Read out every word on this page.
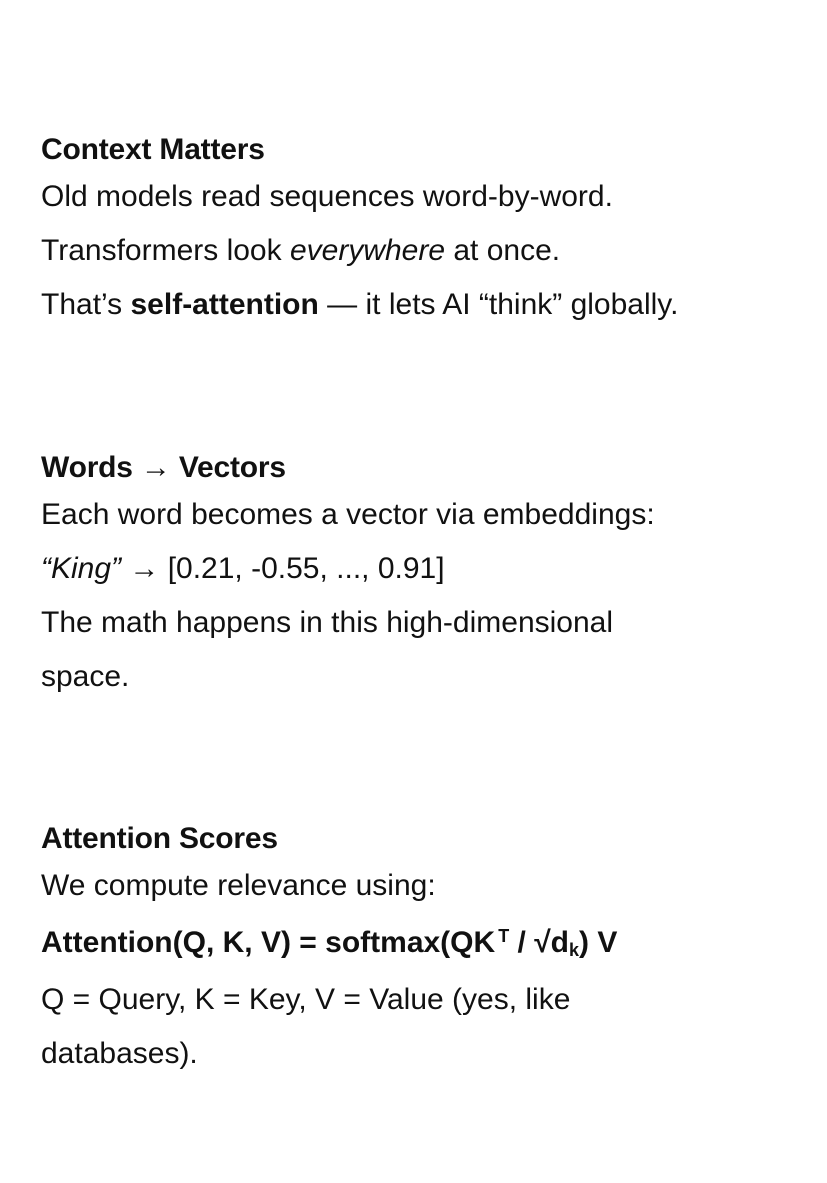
Context Matters

Old models read sequences word-by-word.

Transformers look everywhere at once.

That’s self-attention — it lets AI “think” globally.

Words → Vectors

Each word becomes a vector via embeddings:

“King” → [0.21, -0.55, ..., 0.91]

The math happens in this high-dimensional

space.

Attention Scores

We compute relevance using:

Attention(Q, K, V) = softmax(QK $^T / √d_k$) V

Q = Query, K = Key, V = Value (yes, like

databases).
